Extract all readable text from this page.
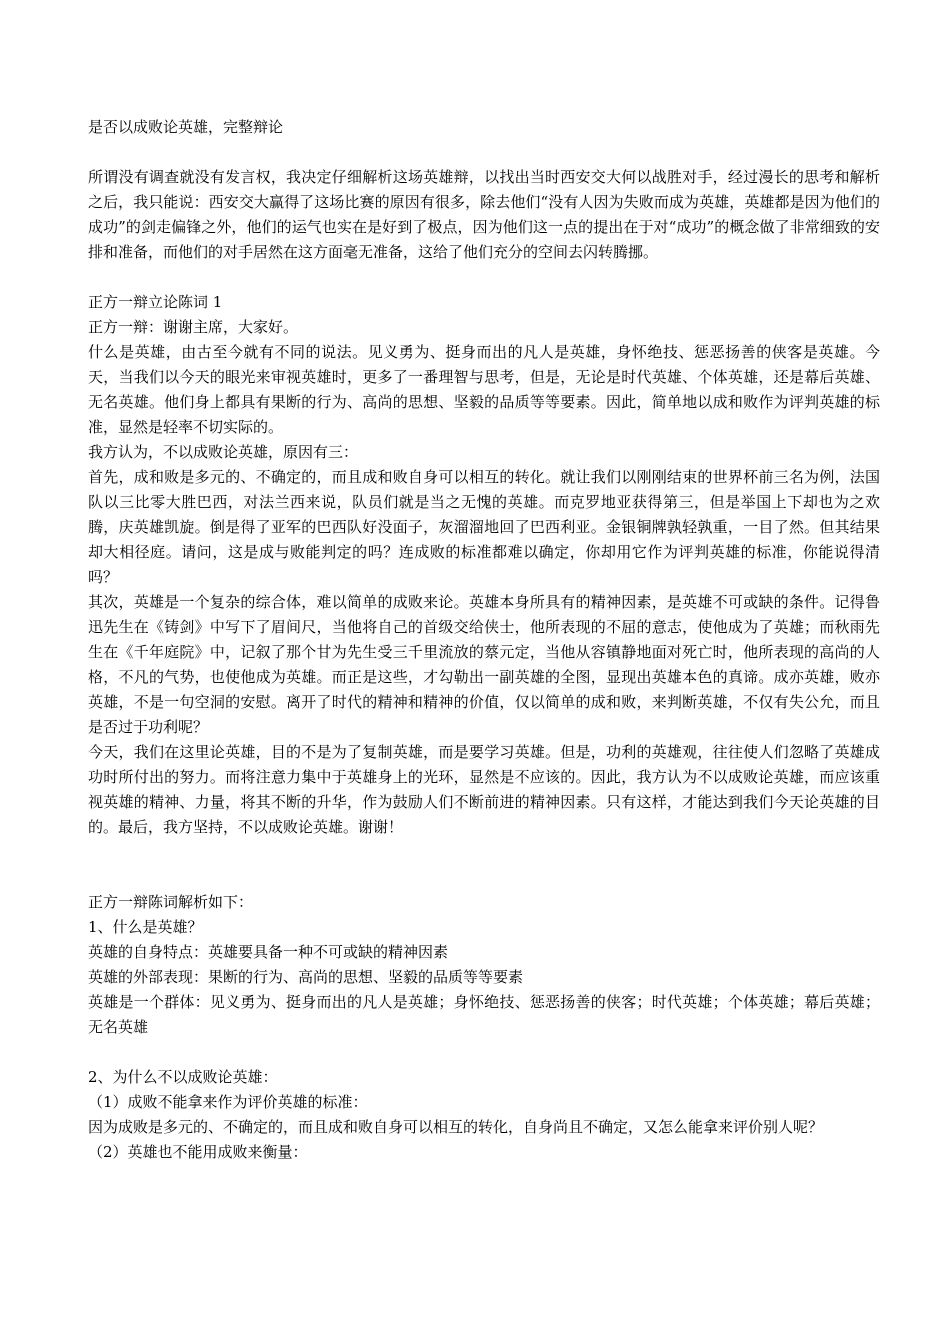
是否以成败论英雄，完整辩论

所谓没有调查就没有发言权，我决定仔细解析这场英雄辩，以找出当时西安交大何以战胜对手，经过漫长的思考和解析之后，我只能说：西安交大赢得了这场比赛的原因有很多，除去他们“没有人因为失败而成为英雄，英雄都是因为他们的成功”的剑走偏锋之外，他们的运气也实在是好到了极点，因为他们这一点的提出在于对“成功”的概念做了非常细致的安排和准备，而他们的对手居然在这方面毫无准备，这给了他们充分的空间去闪转腾挪。

正方一辩立论陈词 1

正方一辩：谢谢主席，大家好。

什么是英雄，由古至今就有不同的说法。见义勇为、挺身而出的凡人是英雄，身怀绝技、惩恶扬善的侠客是英雄。今天，当我们以今天的眼光来审视英雄时，更多了一番理智与思考，但是，无论是时代英雄、个体英雄，还是幕后英雄、无名英雄。他们身上都具有果断的行为、高尚的思想、坚毅的品质等等要素。因此，简单地以成和败作为评判英雄的标准，显然是轻率不切实际的。

我方认为，不以成败论英雄，原因有三：

首先，成和败是多元的、不确定的，而且成和败自身可以相互的转化。就让我们以刚刚结束的世界杯前三名为例，法国队以三比零大胜巴西，对法兰西来说，队员们就是当之无愧的英雄。而克罗地亚获得第三，但是举国上下却也为之欢腾，庆英雄凯旋。倒是得了亚军的巴西队好没面子，灰溜溜地回了巴西利亚。金银铜牌孰轻孰重，一目了然。但其结果却大相径庭。请问，这是成与败能判定的吗？连成败的标准都难以确定，你却用它作为评判英雄的标准，你能说得清吗？

其次，英雄是一个复杂的综合体，难以简单的成败来论。英雄本身所具有的精神因素，是英雄不可或缺的条件。记得鲁迅先生在《铸剑》中写下了眉间尺，当他将自己的首级交给侠士，他所表现的不屈的意志，使他成为了英雄；而秋雨先生在《千年庭院》中，记叙了那个甘为先生受三千里流放的蔡元定，当他从容镇静地面对死亡时，他所表现的高尚的人格，不凡的气势，也使他成为英雄。而正是这些，才勾勒出一副英雄的全图，显现出英雄本色的真谛。成亦英雄，败亦英雄，不是一句空洞的安慰。离开了时代的精神和精神的价值，仅以简单的成和败，来判断英雄，不仅有失公允，而且是否过于功利呢？

今天，我们在这里论英雄，目的不是为了复制英雄，而是要学习英雄。但是，功利的英雄观，往往使人们忽略了英雄成功时所付出的努力。而将注意力集中于英雄身上的光环，显然是不应该的。因此，我方认为不以成败论英雄，而应该重视英雄的精神、力量，将其不断的升华，作为鼓励人们不断前进的精神因素。只有这样，才能达到我们今天论英雄的目的。最后，我方坚持，不以成败论英雄。谢谢！

正方一辩陈词解析如下：

1、什么是英雄？

英雄的自身特点：英雄要具备一种不可或缺的精神因素

英雄的外部表现：果断的行为、高尚的思想、坚毅的品质等等要素

英雄是一个群体：见义勇为、挺身而出的凡人是英雄；身怀绝技、惩恶扬善的侠客；时代英雄；个体英雄；幕后英雄；无名英雄

2、为什么不以成败论英雄：

（1）成败不能拿来作为评价英雄的标准：

因为成败是多元的、不确定的，而且成和败自身可以相互的转化，自身尚且不确定，又怎么能拿来评价别人呢？

（2）英雄也不能用成败来衡量：
